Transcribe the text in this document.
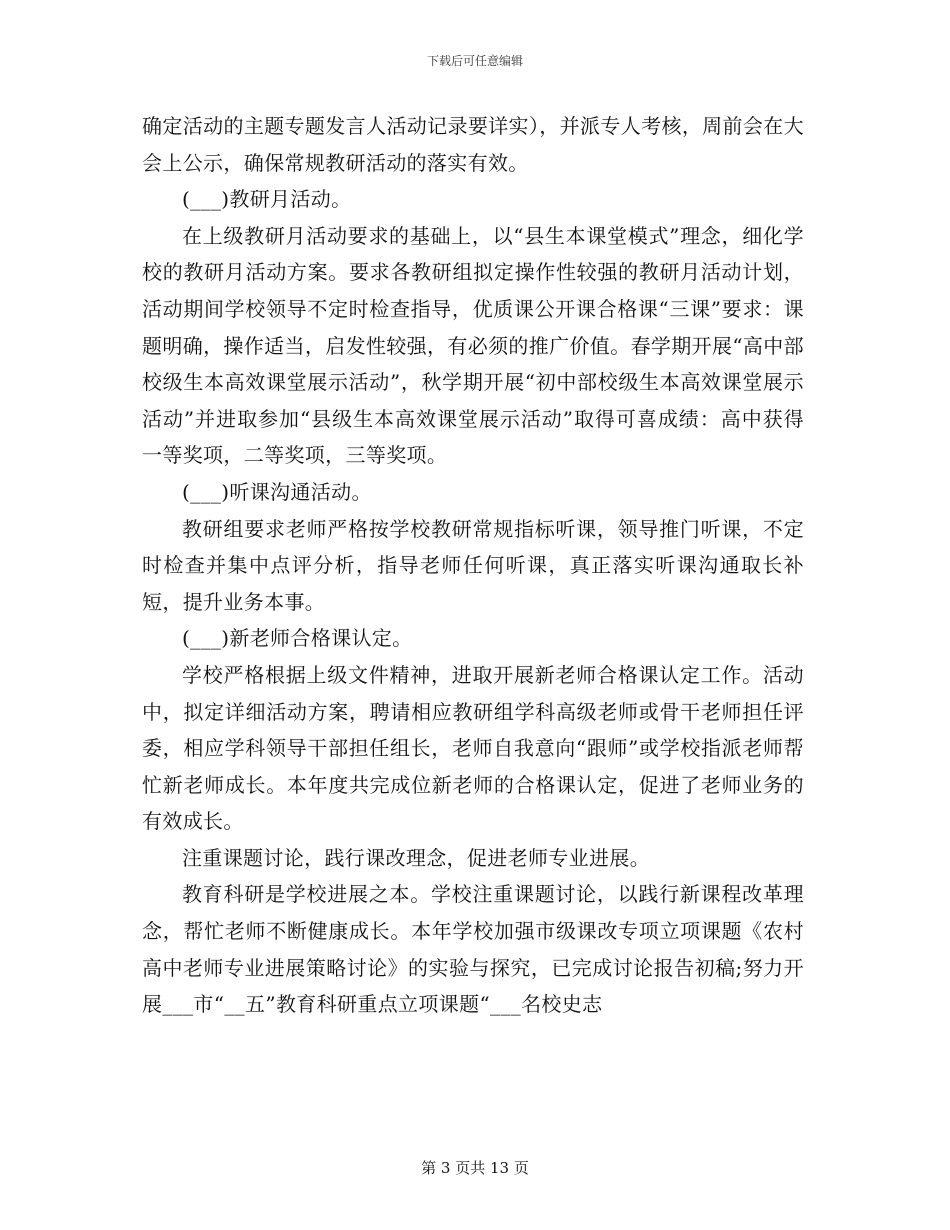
下载后可任意编辑

确定活动的主题专题发言人活动记录要详实），并派专人考核，周前会在大会上公示，确保常规教研活动的落实有效。

(___)教研月活动。

在上级教研月活动要求的基础上，以“县生本课堂模式”理念，细化学校的教研月活动方案。要求各教研组拟定操作性较强的教研月活动计划，活动期间学校领导不定时检查指导，优质课公开课合格课“三课”要求：课题明确，操作适当，启发性较强，有必须的推广价值。春学期开展“高中部校级生本高效课堂展示活动”，秋学期开展“初中部校级生本高效课堂展示活动”并进取参加“县级生本高效课堂展示活动”取得可喜成绩：高中获得一等奖项，二等奖项，三等奖项。

(___)听课沟通活动。

教研组要求老师严格按学校教研常规指标听课，领导推门听课，不定时检查并集中点评分析，指导老师任何听课，真正落实听课沟通取长补短，提升业务本事。

(___)新老师合格课认定。

学校严格根据上级文件精神，进取开展新老师合格课认定工作。活动中，拟定详细活动方案，聘请相应教研组学科高级老师或骨干老师担任评委，相应学科领导干部担任组长，老师自我意向“跟师”或学校指派老师帮忙新老师成长。本年度共完成位新老师的合格课认定，促进了老师业务的有效成长。

注重课题讨论，践行课改理念，促进老师专业进展。

教育科研是学校进展之本。学校注重课题讨论，以践行新课程改革理念，帮忙老师不断健康成长。本年学校加强市级课改专项立项课题《农村高中老师专业进展策略讨论》的实验与探究，已完成讨论报告初稿;努力开展___市“__五”教育科研重点立项课题“___名校史志

第 3 页共 13 页
